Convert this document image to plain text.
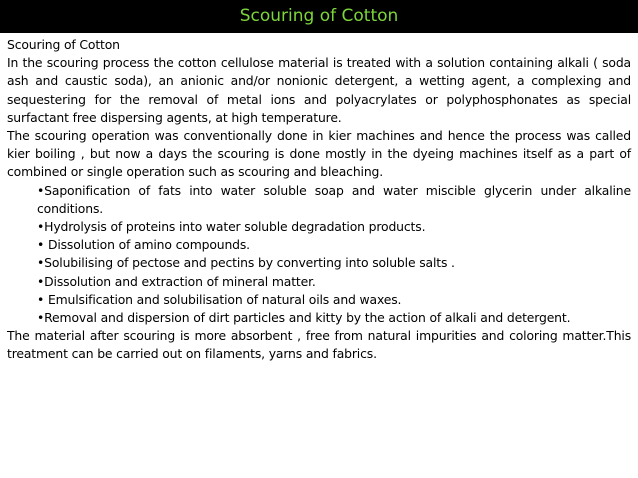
Scouring of Cotton

Scouring of Cotton

In the scouring process the cotton cellulose material is treated with a solution containing alkali ( soda ash and caustic soda), an anionic and/or nonionic detergent, a wetting agent, a complexing and sequestering for the removal of metal ions and polyacrylates or polyphosphonates as special surfactant free dispersing agents, at high temperature.

The scouring operation was conventionally done in kier machines and hence the process was called kier boiling , but now a days the scouring is done mostly in the dyeing machines itself as a part of combined or single operation such as scouring and bleaching.

•Saponification of fats into water soluble soap and water miscible glycerin under alkaline conditions.
•Hydrolysis of proteins into water soluble degradation products.
• Dissolution of amino compounds.
•Solubilising of pectose and pectins by converting into soluble salts .
•Dissolution and extraction of mineral matter.
• Emulsification and solubilisation of natural oils and waxes.
•Removal and dispersion of dirt particles and kitty by the action of alkali and detergent.

The material after scouring is more absorbent , free from natural impurities and coloring matter.This treatment can be carried out on filaments, yarns and fabrics.
